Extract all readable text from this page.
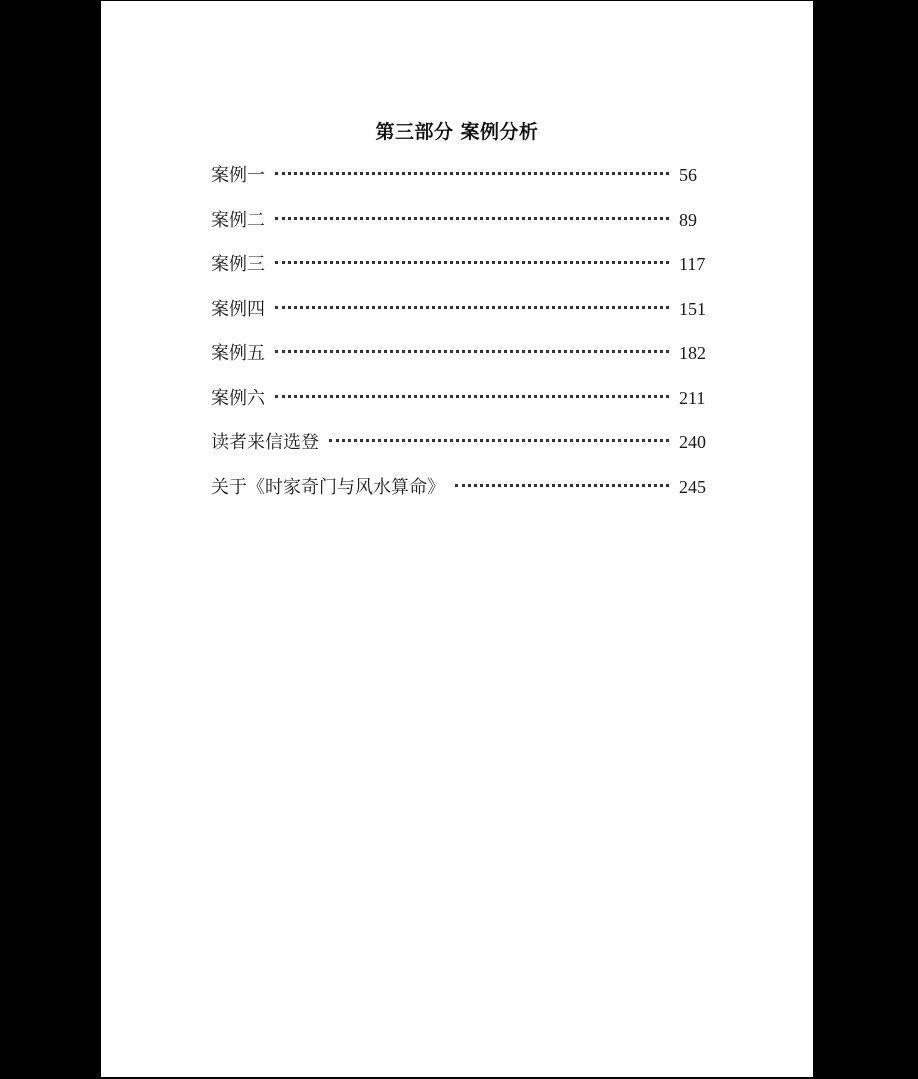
第三部分 案例分析
案例一	56
案例二	89
案例三	117
案例四	151
案例五	182
案例六	211
读者来信选登	240
关于《时家奇门与风水算命》	245
